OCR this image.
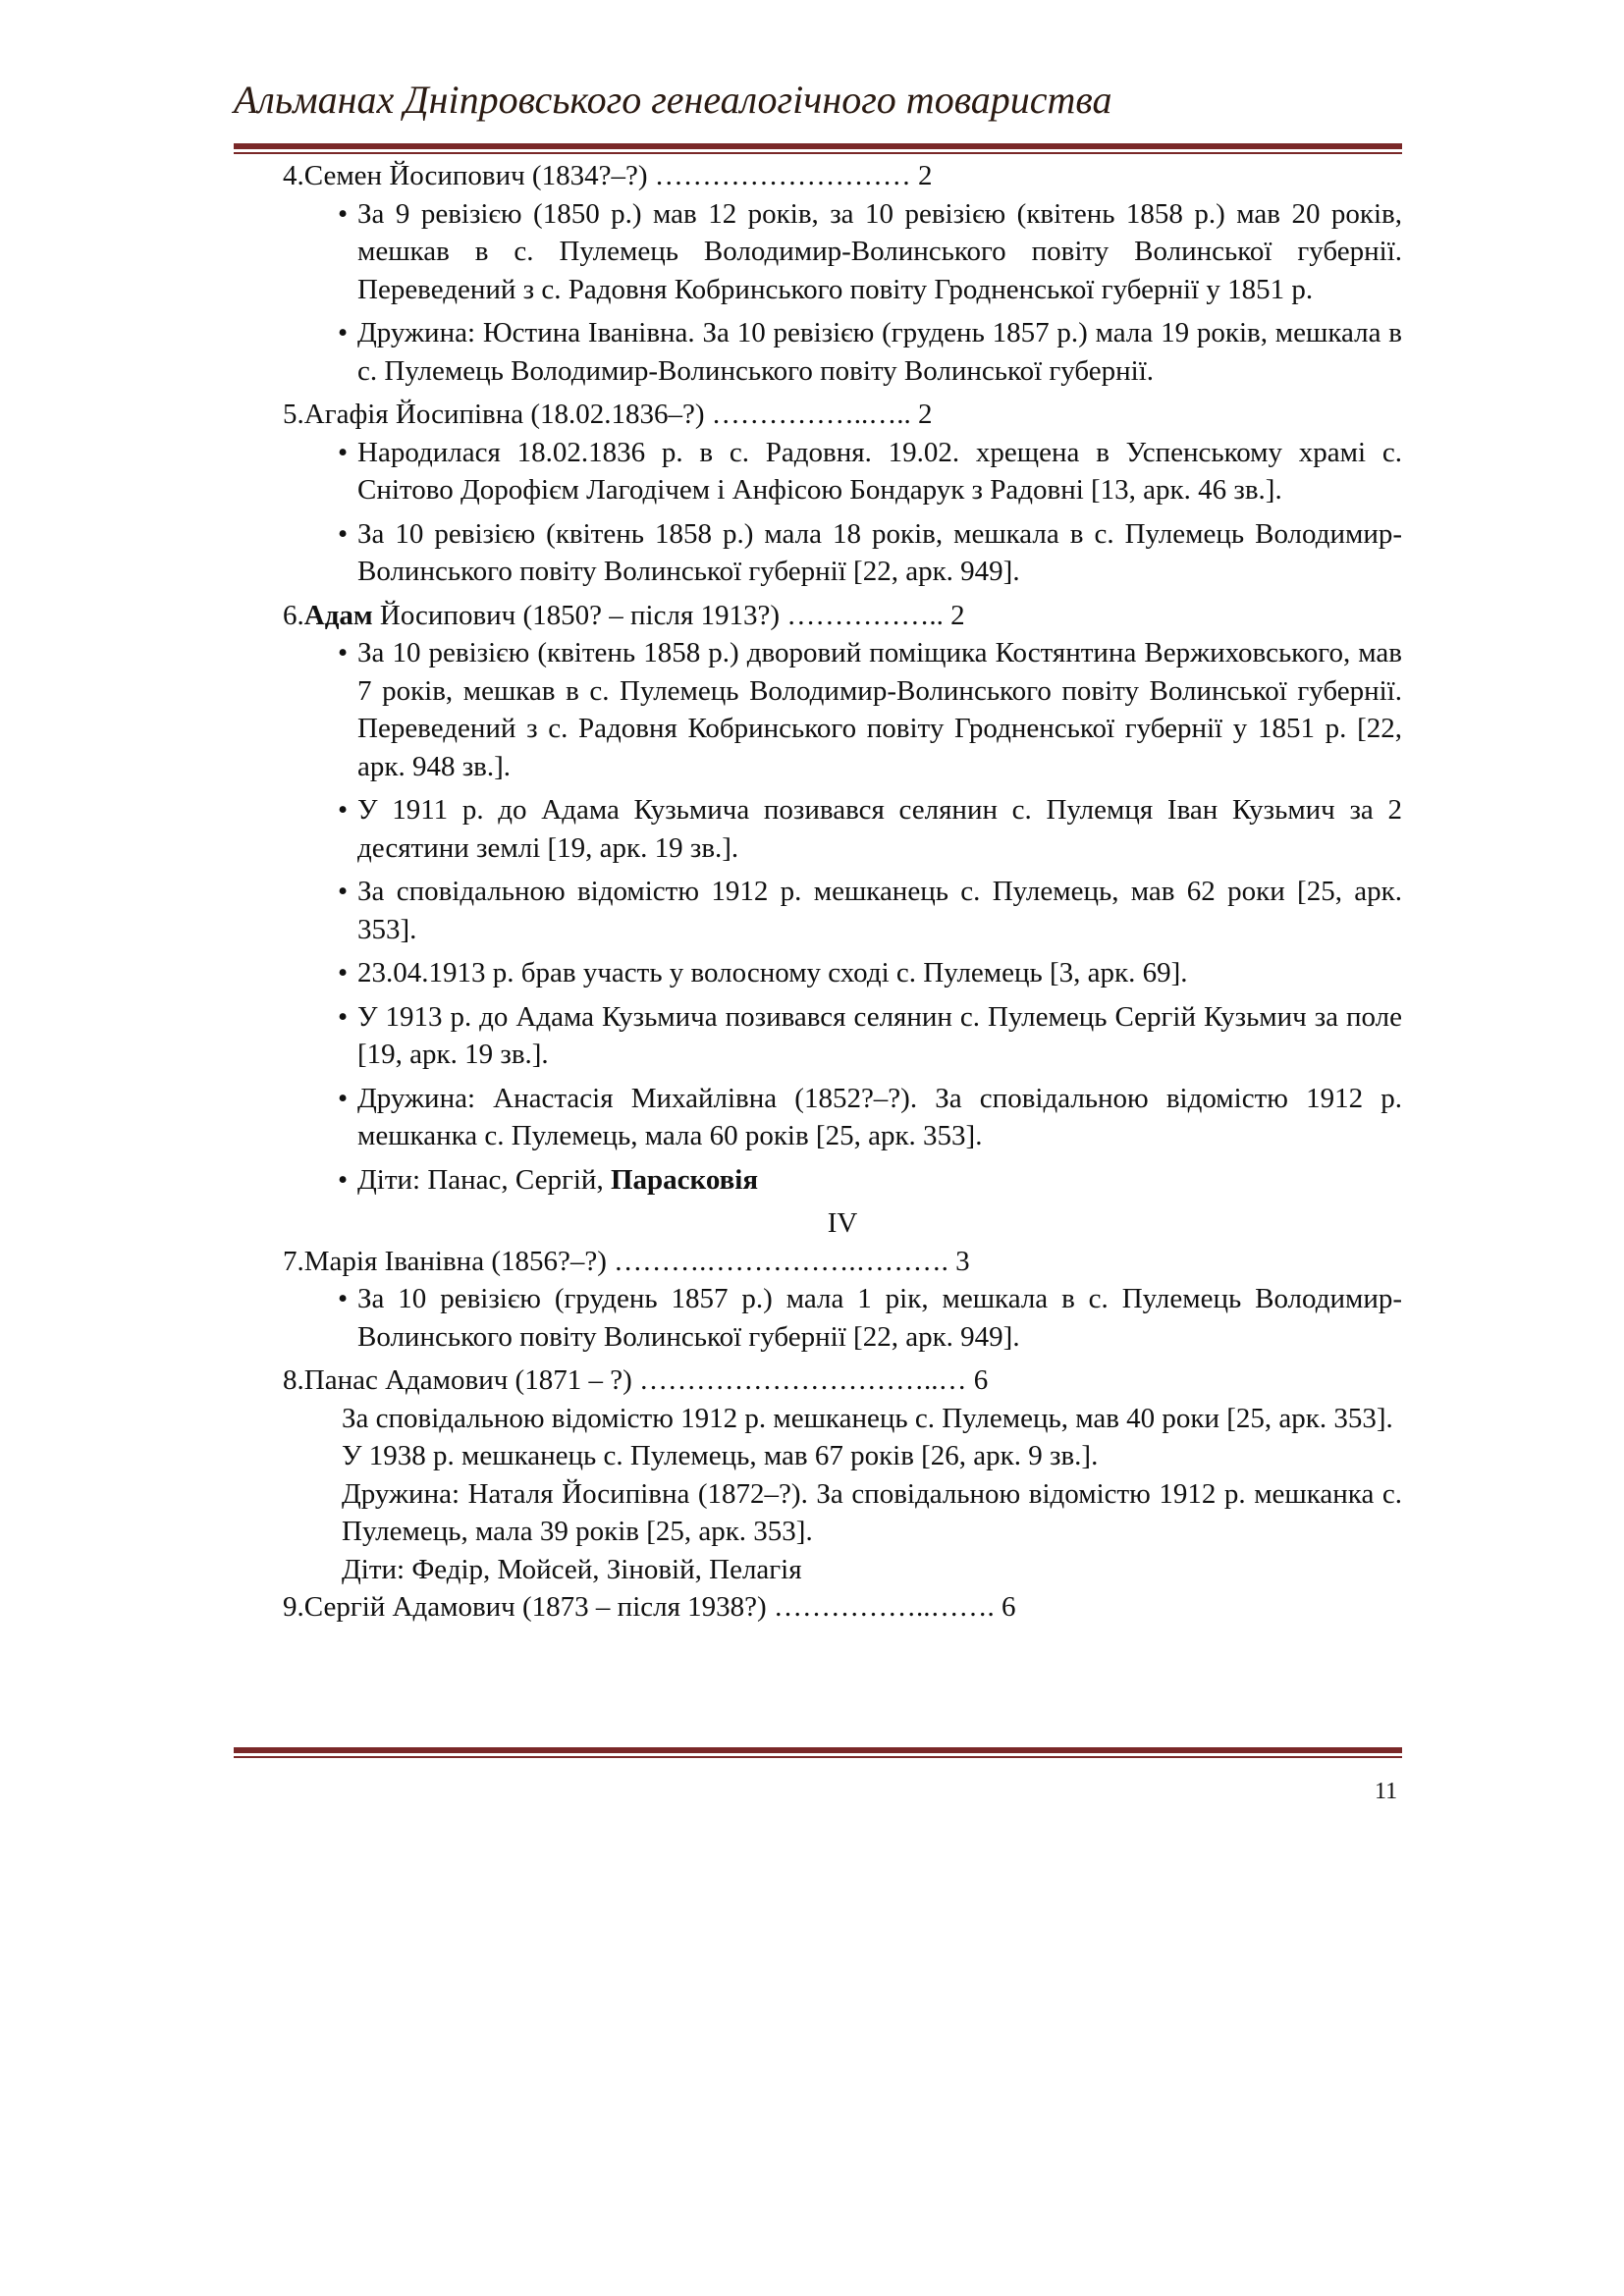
Альманах Дніпровського генеалогічного товариства

4.Семен Йосипович (1834?–?) ……………………… 2

• За 9 ревізією (1850 р.) мав 12 років, за 10 ревізією (квітень 1858 р.) мав 20 років, мешкав в с. Пулемець Володимир-Волинського повіту Волинської губернії. Переведений з с. Радовня Кобринського повіту Гродненської губернії у 1851 р.
• Дружина: Юстина Іванівна. За 10 ревізією (грудень 1857 р.) мала 19 років, мешкала в с. Пулемець Володимир-Волинського повіту Волинської губернії.

5.Агафія Йосипівна (18.02.1836–?) ……………..….. 2

• Народилася 18.02.1836 р. в с. Радовня. 19.02. хрещена в Успенському храмі с. Снітово Дорофієм Лагодічем і Анфісою Бондарук з Радовні [13, арк. 46 зв.].
• За 10 ревізією (квітень 1858 р.) мала 18 років, мешкала в с. Пулемець Володимир-Волинського повіту Волинської губернії [22, арк. 949].

6.Адам Йосипович (1850? – після 1913?) …………….. 2

• За 10 ревізією (квітень 1858 р.) дворовий поміщика Костянтина Вержиховського, мав 7 років, мешкав в с. Пулемець Володимир-Волинського повіту Волинської губернії. Переведений з с. Радовня Кобринського повіту Гродненської губернії у 1851 р. [22, арк. 948 зв.].
• У 1911 р. до Адама Кузьмича позивався селянин с. Пулемця Іван Кузьмич за 2 десятини землі [19, арк. 19 зв.].
• За сповідальною відомістю 1912 р. мешканець с. Пулемець, мав 62 роки [25, арк. 353].
• 23.04.1913 р. брав участь у волосному сході с. Пулемець [3, арк. 69].
• У 1913 р. до Адама Кузьмича позивався селянин с. Пулемець Сергій Кузьмич за поле [19, арк. 19 зв.].
• Дружина: Анастасія Михайлівна (1852?–?). За сповідальною відомістю 1912 р. мешканка с. Пулемець, мала 60 років [25, арк. 353].
• Діти: Панас, Сергій, Парасковія

IV

7.Марія Іванівна (1856?–?) ……….…………….………. 3

• За 10 ревізією (грудень 1857 р.) мала 1 рік, мешкала в с. Пулемець Володимир-Волинського повіту Волинської губернії [22, арк. 949].

8.Панас Адамович (1871 – ?) …………………………..… 6

За сповідальною відомістю 1912 р. мешканець с. Пулемець, мав 40 роки [25, арк. 353].

У 1938 р. мешканець с. Пулемець, мав 67 років [26, арк. 9 зв.].

Дружина: Наталя Йосипівна (1872–?). За сповідальною відомістю 1912 р. мешканка с. Пулемець, мала 39 років [25, арк. 353].

Діти: Федір, Мойсей, Зіновій, Пелагія

9.Сергій Адамович (1873 – після 1938?) ……………..……. 6

11
